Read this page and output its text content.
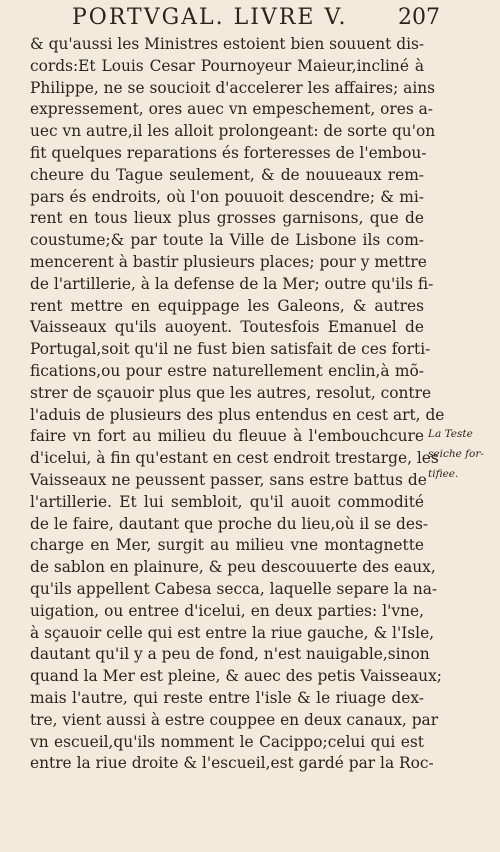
PORTVGAL. LIVRE V. 207
& qu'aussi les Ministres estoient bien souuent dis-
cords:Et Louis Cesar Pournoyeur Maieur,incliné à
Philippe, ne se soucioit d'accelerer les affaires; ains
expressement, ores auec vn empeschement, ores a-
uec vn autre,il les alloit prolongeant: de sorte qu'on
fit quelques reparations és forteresses de l'embou-
cheure du Tague seulement, & de nouueaux rem-
pars és endroits, où l'on pouuoit descendre; & mi-
rent en tous lieux plus grosses garnisons, que de
coustume;& par toute la Ville de Lisbone ils com-
mencerent à bastir plusieurs places; pour y mettre
de l'artillerie, à la defense de la Mer; outre qu'ils fi-
rent mettre en equippage les Galeons, & autres
Vaisseaux qu'ils auoyent. Toutesfois Emanuel de
Portugal,soit qu'il ne fust bien satisfait de ces forti-
fications,ou pour estre naturellement enclin,à mõ-
strer de sçauoir plus que les autres, resolut, contre
l'aduis de plusieurs des plus entendus en cest art, de
faire vn fort au milieu du fleuue à l'embouchcure
d'icelui, à fin qu'estant en cest endroit trestarge, les
Vaisseaux ne peussent passer, sans estre battus de
l'artillerie. Et lui sembloit, qu'il auoit commodité
de le faire, dautant que proche du lieu,où il se des-
charge en Mer, surgit au milieu vne montagnette
de sablon en plainure, & peu descouuerte des eaux,
qu'ils appellent Cabesa secca, laquelle separe la na-
uigation, ou entree d'icelui, en deux parties: l'vne,
à sçauoir celle qui est entre la riue gauche, & l'Isle,
dautant qu'il y a peu de fond, n'est nauigable,sinon
quand la Mer est pleine, & auec des petis Vaisseaux;
mais l'autre, qui reste entre l'isle & le riuage dex-
tre, vient aussi à estre couppee en deux canaux, par
vn escueil,qu'ils nomment le Cacippo;celui qui est
entre la riue droite & l'escueil,est gardé par la Roc-
La Teste
seiche for-
tifiee.
